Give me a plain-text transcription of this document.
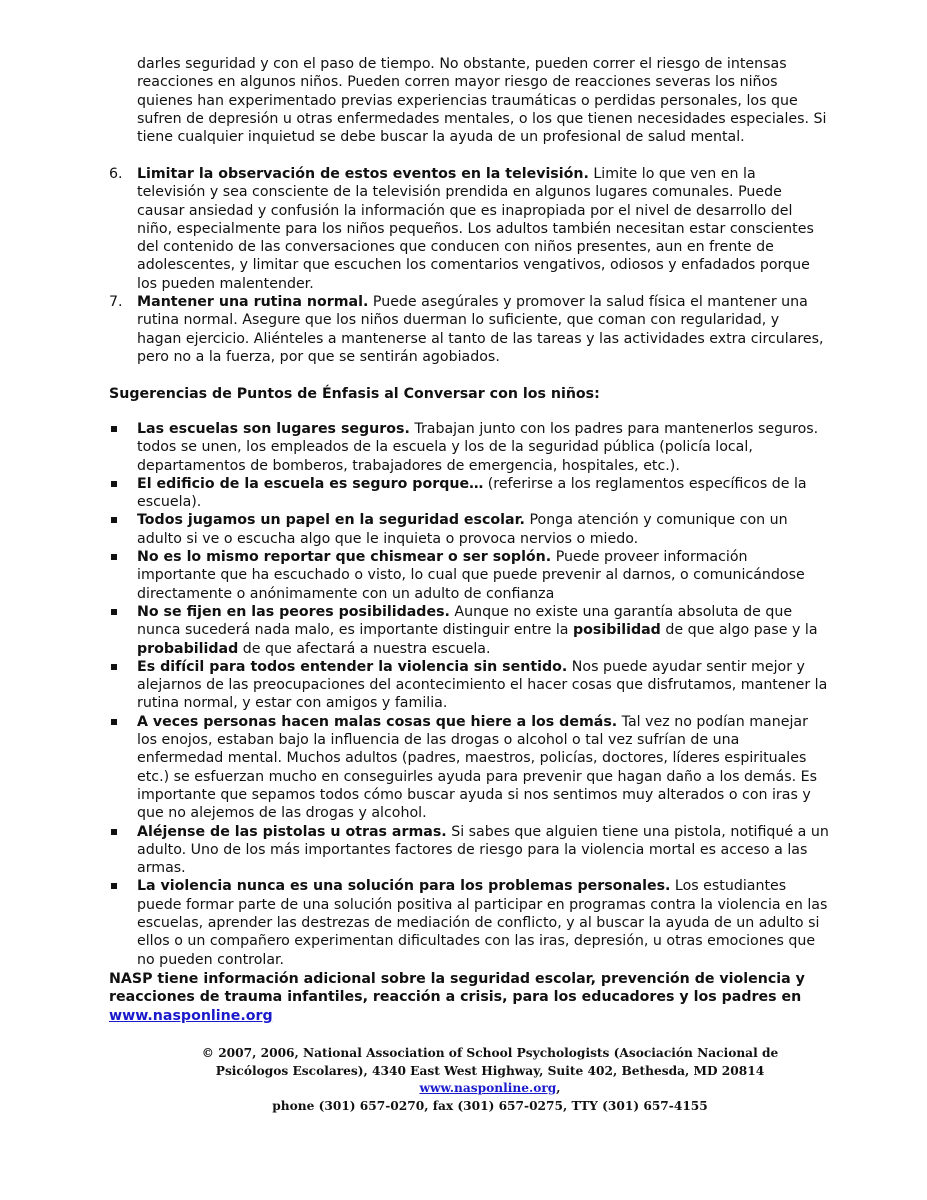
darles seguridad y con el paso de tiempo. No obstante, pueden correr el riesgo de intensas reacciones en algunos niños. Pueden corren mayor riesgo de reacciones severas los niños quienes han experimentado previas experiencias traumáticas o perdidas personales, los que sufren de depresión u otras enfermedades mentales, o los que tienen necesidades especiales. Si tiene cualquier inquietud se debe buscar la ayuda de un profesional de salud mental.

6.	Limitar la observación de estos eventos en la televisión. Limite lo que ven en la televisión y sea consciente de la televisión prendida en algunos lugares comunales. Puede causar ansiedad y confusión la información que es inapropiada por el nivel de desarrollo del niño, especialmente para los niños pequeños. Los adultos también necesitan estar conscientes del contenido de las conversaciones que conducen con niños presentes, aun en frente de adolescentes, y limitar que escuchen los comentarios vengativos, odiosos y enfadados porque los pueden malentender.
7.	Mantener una rutina normal. Puede asegúrales y promover la salud física el mantener una rutina normal. Asegure que los niños duerman lo suficiente, que coman con regularidad, y hagan ejercicio. Aliénteles a mantenerse al tanto de las tareas y las actividades extra circulares, pero no a la fuerza, por que se sentirán agobiados.
Sugerencias de Puntos de Énfasis al Conversar con los niños:
Las escuelas son lugares seguros. Trabajan junto con los padres para mantenerlos seguros. todos se unen, los empleados de la escuela y los de la seguridad pública (policía local, departamentos de bomberos, trabajadores de emergencia, hospitales, etc.).
El edificio de la escuela es seguro porque… (referirse a los reglamentos específicos de la escuela).
Todos jugamos un papel en la seguridad escolar. Ponga atención y comunique con un adulto si ve o escucha algo que le inquieta o provoca nervios o miedo.
No es lo mismo reportar que chismear o ser soplón. Puede proveer información importante que ha escuchado o visto, lo cual que puede prevenir al darnos, o comunicándose directamente o anónimamente con un adulto de confianza
No se fijen en las peores posibilidades. Aunque no existe una garantía absoluta de que nunca sucederá nada malo, es importante distinguir entre la posibilidad de que algo pase y la probabilidad de que afectará a nuestra escuela.
Es difícil para todos entender la violencia sin sentido. Nos puede ayudar sentir mejor y alejarnos de las preocupaciones del acontecimiento el hacer cosas que disfrutamos, mantener la rutina normal, y estar con amigos y familia.
A veces personas hacen malas cosas que hiere a los demás. Tal vez no podían manejar los enojos, estaban bajo la influencia de las drogas o alcohol o tal vez sufrían de una enfermedad mental. Muchos adultos (padres, maestros, policías, doctores, líderes espirituales etc.) se esfuerzan mucho en conseguirles ayuda para prevenir que hagan daño a los demás. Es importante que sepamos todos cómo buscar ayuda si nos sentimos muy alterados o con iras y que no alejemos de las drogas y alcohol.
Aléjense de las pistolas u otras armas. Si sabes que alguien tiene una pistola, notifiqué a un adulto. Uno de los más importantes factores de riesgo para la violencia mortal es acceso a las armas.
La violencia nunca es una solución para los problemas personales. Los estudiantes puede formar parte de una solución positiva al participar en programas contra la violencia en las escuelas, aprender las destrezas de mediación de conflicto, y al buscar la ayuda de un adulto si ellos o un compañero experimentan dificultades con las iras, depresión, u otras emociones que no pueden controlar.

NASP tiene información adicional sobre la seguridad escolar, prevención de violencia y reacciones de trauma infantiles, reacción a crisis, para los educadores y los padres en www.nasponline.org

© 2007, 2006, National Association of School Psychologists (Asociación Nacional de Psicólogos Escolares), 4340 East West Highway, Suite 402, Bethesda, MD 20814 www.nasponline.org,
phone (301) 657-0270, fax (301) 657-0275, TTY (301) 657-4155
